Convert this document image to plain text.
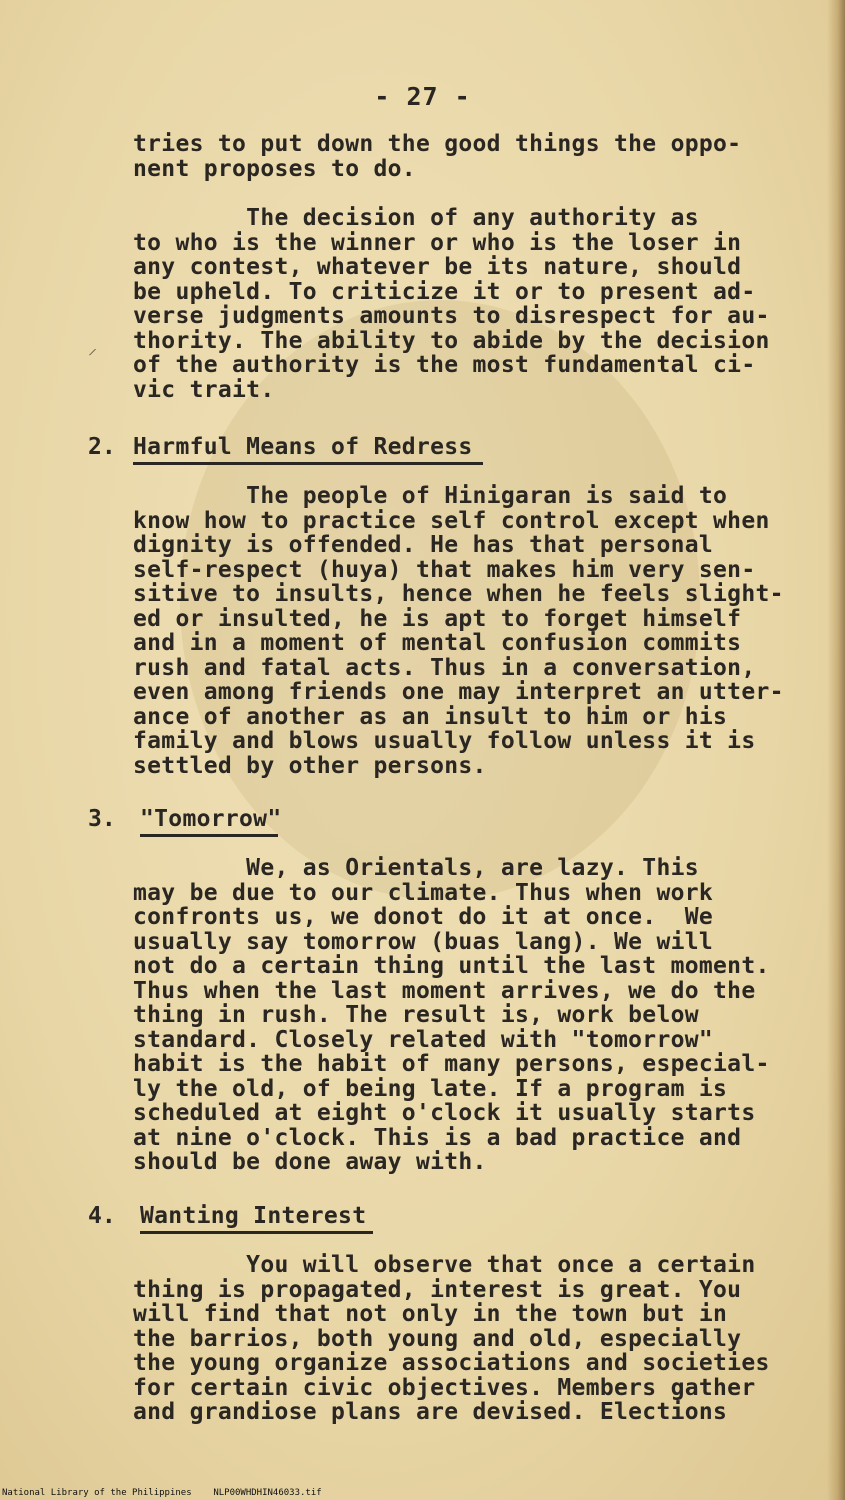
- 27 -
tries to put down the good things the oppo-
nent proposes to do.
The decision of any authority as
to who is the winner or who is the loser in
any contest, whatever be its nature, should
be upheld. To criticize it or to present ad-
verse judgments amounts to disrespect for au-
thority. The ability to abide by the decision
of the authority is the most fundamental ci-
vic trait.
2. Harmful Means of Redress
The people of Hinigaran is said to
know how to practice self control except when
dignity is offended. He has that personal
self-respect (huya) that makes him very sen-
sitive to insults, hence when he feels slight-
ed or insulted, he is apt to forget himself
and in a moment of mental confusion commits
rush and fatal acts. Thus in a conversation,
even among friends one may interpret an utter-
ance of another as an insult to him or his
family and blows usually follow unless it is
settled by other persons.
3. "Tomorrow"
We, as Orientals, are lazy. This
may be due to our climate. Thus when work
confronts us, we donot do it at once.  We
usually say tomorrow (buas lang). We will
not do a certain thing until the last moment.
Thus when the last moment arrives, we do the
thing in rush. The result is, work below
standard. Closely related with "tomorrow"
habit is the habit of many persons, especial-
ly the old, of being late. If a program is
scheduled at eight o'clock it usually starts
at nine o'clock. This is a bad practice and
should be done away with.
4. Wanting Interest
You will observe that once a certain
thing is propagated, interest is great. You
will find that not only in the town but in
the barrios, both young and old, especially
the young organize associations and societies
for certain civic objectives. Members gather
and grandiose plans are devised. Elections
⸝
National Library of the Philippines    NLP00WHDHIN46033.tif
